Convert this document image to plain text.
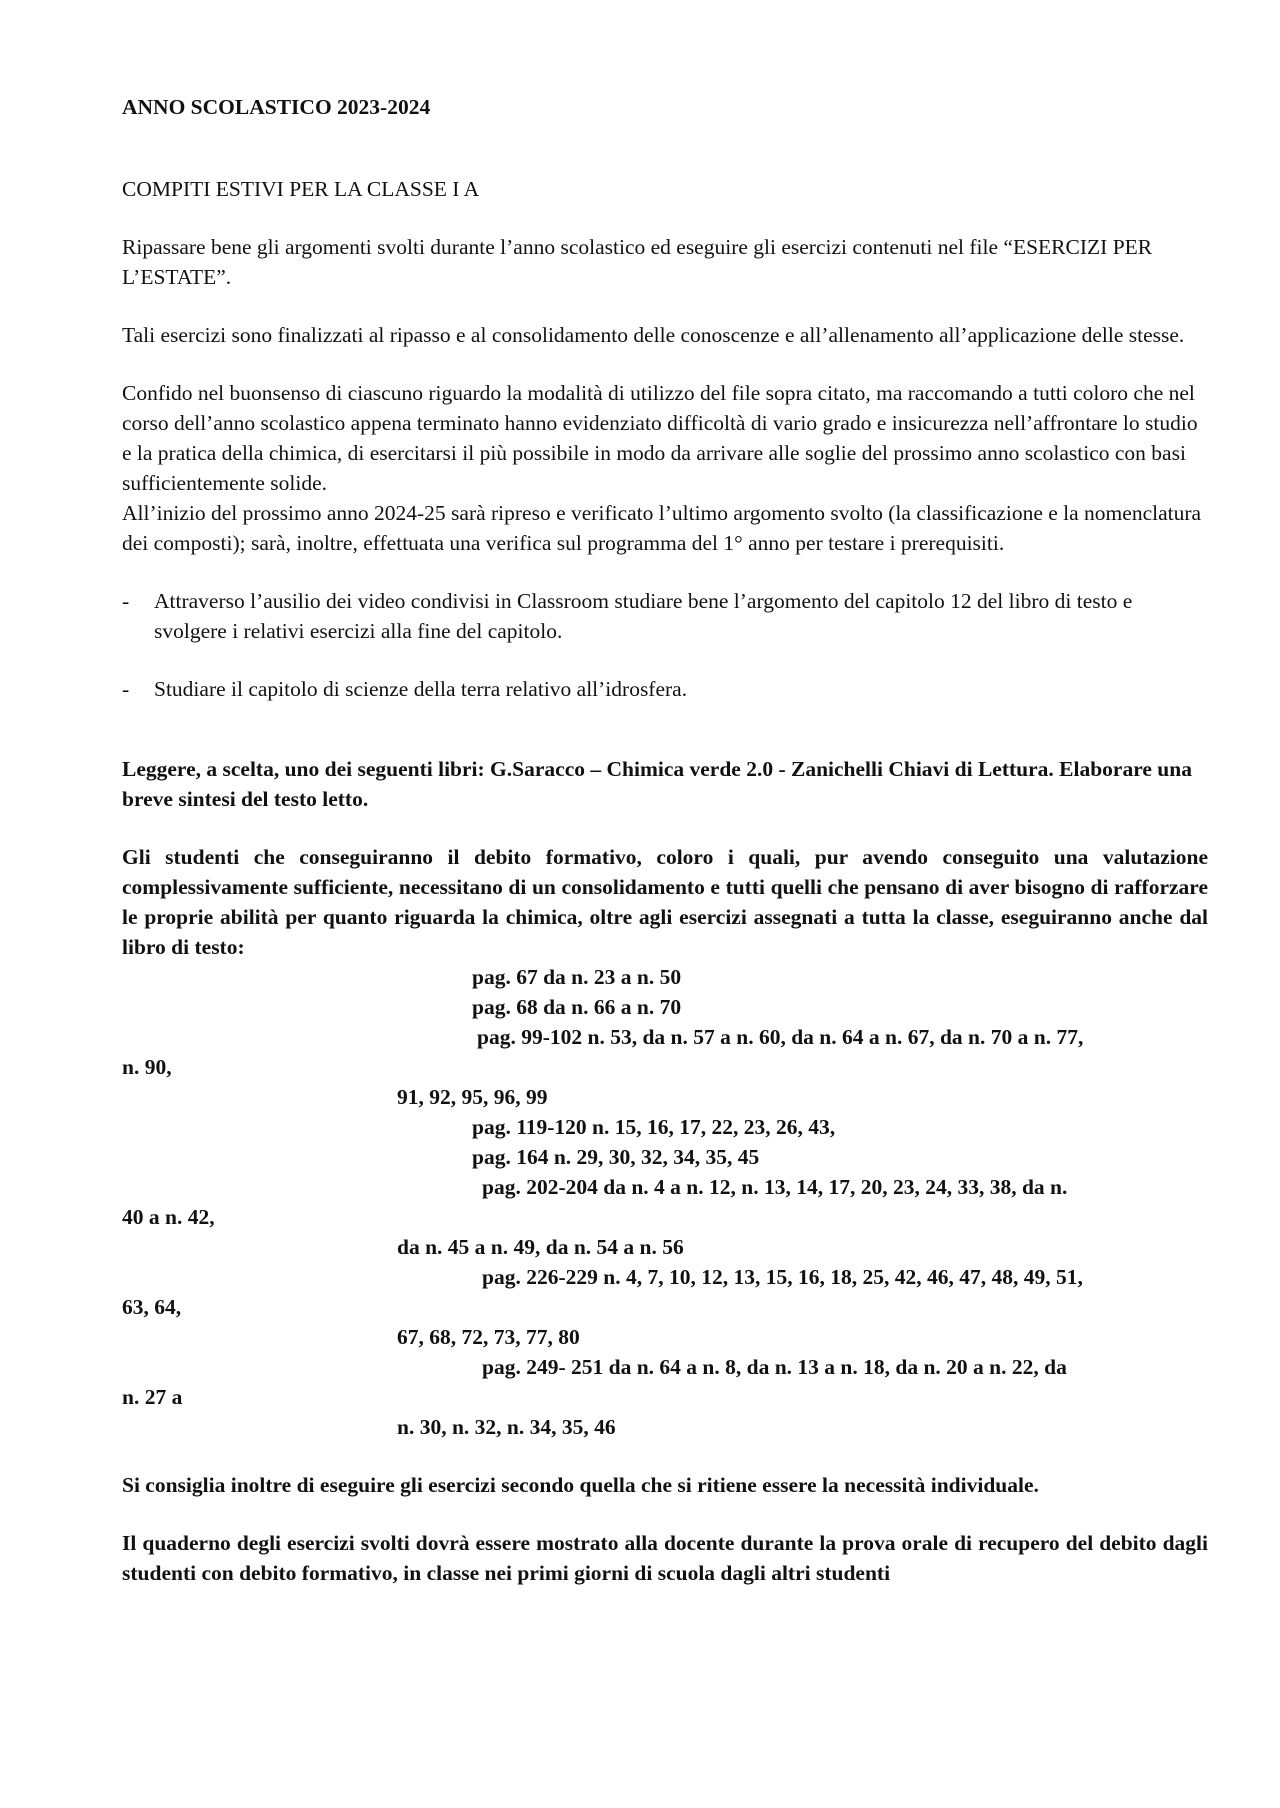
ANNO SCOLASTICO 2023-2024

COMPITI ESTIVI PER LA CLASSE I A

Ripassare bene gli argomenti svolti durante l’anno scolastico ed eseguire gli esercizi contenuti nel file “ESERCIZI PER L’ESTATE”.

Tali esercizi sono finalizzati al ripasso e al consolidamento delle conoscenze e all’allenamento all’applicazione delle stesse.

Confido nel buonsenso di ciascuno riguardo la modalità di utilizzo del file sopra citato, ma raccomando a tutti coloro che nel corso dell’anno scolastico appena terminato hanno evidenziato difficoltà di vario grado e insicurezza nell’affrontare lo studio e la pratica della chimica, di esercitarsi il più possibile in modo da arrivare alle soglie del prossimo anno scolastico con basi sufficientemente solide.

All’inizio del prossimo anno 2024-25 sarà ripreso e verificato l’ultimo argomento svolto (la classificazione e la nomenclatura dei composti); sarà, inoltre, effettuata una verifica sul programma del 1° anno per testare i prerequisiti.

-	Attraverso l’ausilio dei video condivisi in Classroom studiare bene l’argomento del capitolo 12 del libro di testo e svolgere i relativi esercizi alla fine del capitolo.
-	Studiare il capitolo di scienze della terra relativo all’idrosfera.

Leggere, a scelta, uno dei seguenti libri: G.Saracco – Chimica verde 2.0 - Zanichelli Chiavi di Lettura. Elaborare una breve sintesi del testo letto.

Gli studenti che conseguiranno il debito formativo, coloro i quali, pur avendo conseguito una valutazione complessivamente sufficiente, necessitano di un consolidamento e tutti quelli che pensano di aver bisogno di rafforzare le proprie abilità per quanto riguarda la chimica, oltre agli esercizi assegnati a tutta la classe, eseguiranno anche dal libro di testo:

pag. 67 da n. 23 a n. 50
pag. 68 da n. 66 a n. 70
pag. 99-102 n. 53, da n. 57 a n. 60, da n. 64 a n. 67, da n. 70 a n. 77,
n. 90,
91, 92, 95, 96, 99
pag. 119-120 n. 15, 16, 17, 22, 23, 26, 43,
pag. 164 n. 29, 30, 32, 34, 35, 45
pag. 202-204 da n. 4 a n. 12, n. 13, 14, 17, 20, 23, 24, 33, 38, da n.
40 a n. 42,
da n. 45 a n. 49, da n. 54 a n. 56
pag. 226-229 n. 4, 7, 10, 12, 13, 15, 16, 18, 25, 42, 46, 47, 48, 49, 51,
63, 64,
67, 68, 72, 73, 77, 80
pag. 249- 251 da n. 64 a n. 8, da n. 13 a n. 18, da n. 20 a n. 22, da
n. 27 a
n. 30, n. 32, n. 34, 35, 46

Si consiglia inoltre di eseguire gli esercizi secondo quella che si ritiene essere la necessità individuale.

Il quaderno degli esercizi svolti dovrà essere mostrato alla docente durante la prova orale di recupero del debito dagli studenti con debito formativo, in classe nei primi giorni di scuola dagli altri studenti
